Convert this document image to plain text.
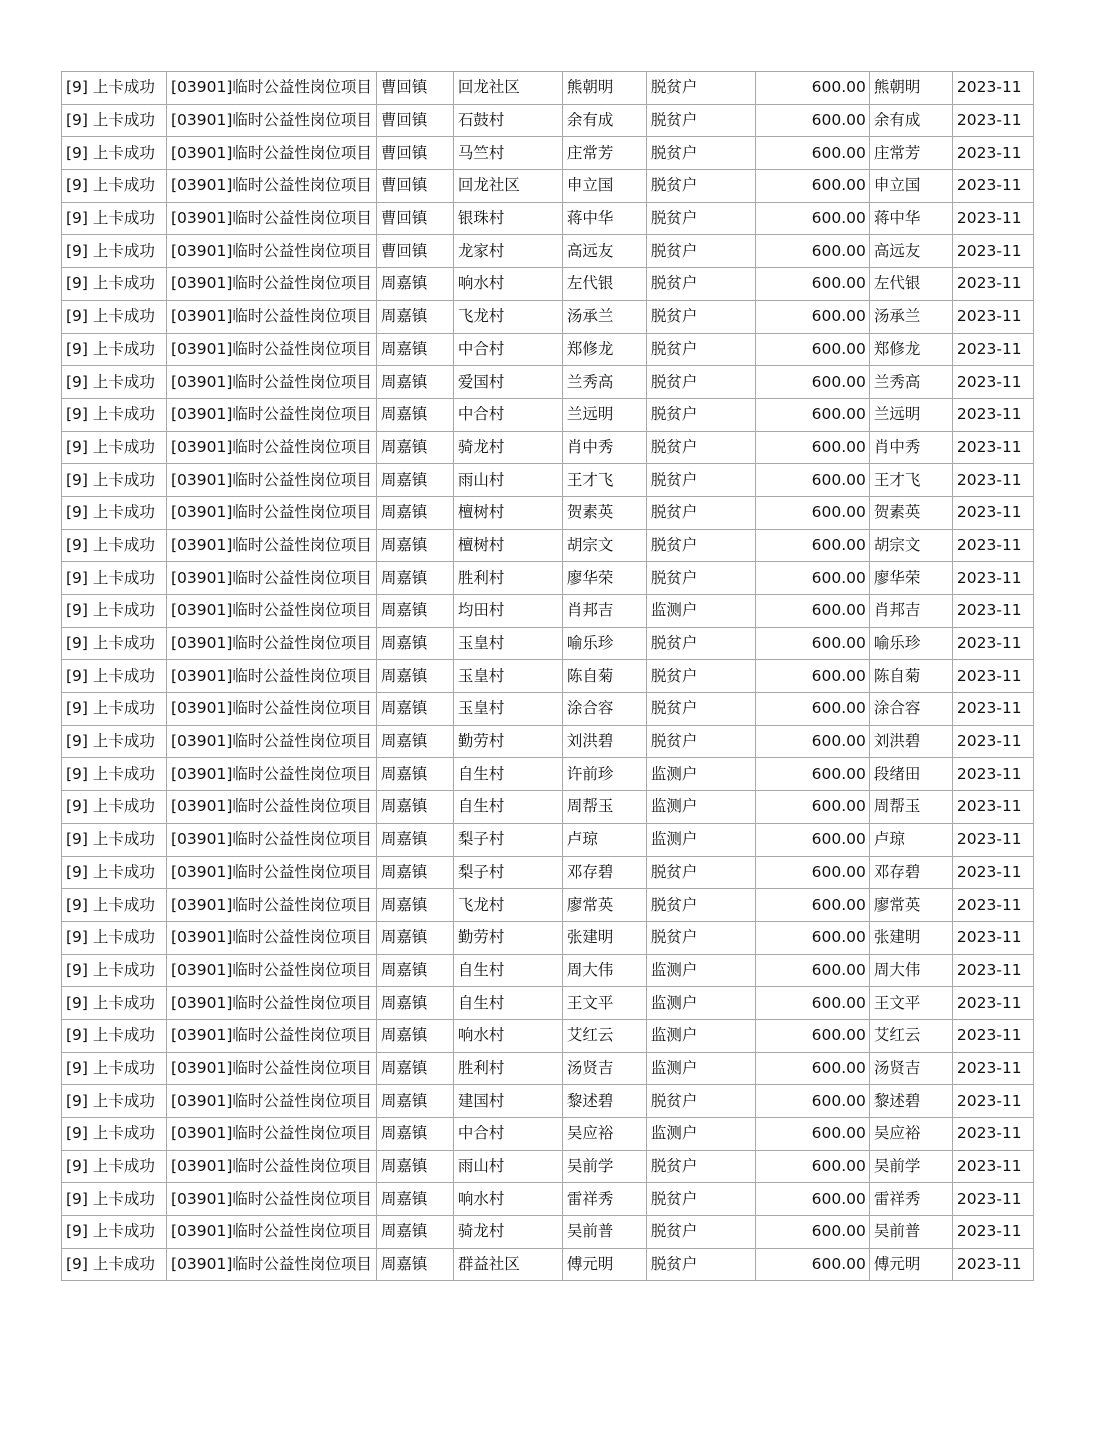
[9] 上卡成功	[03901]临时公益性岗位项目	曹回镇	回龙社区	熊朝明	脱贫户	600.00	熊朝明	2023-11
[9] 上卡成功	[03901]临时公益性岗位项目	曹回镇	石鼓村	余有成	脱贫户	600.00	余有成	2023-11
[9] 上卡成功	[03901]临时公益性岗位项目	曹回镇	马竺村	庄常芳	脱贫户	600.00	庄常芳	2023-11
[9] 上卡成功	[03901]临时公益性岗位项目	曹回镇	回龙社区	申立国	脱贫户	600.00	申立国	2023-11
[9] 上卡成功	[03901]临时公益性岗位项目	曹回镇	银珠村	蒋中华	脱贫户	600.00	蒋中华	2023-11
[9] 上卡成功	[03901]临时公益性岗位项目	曹回镇	龙家村	高远友	脱贫户	600.00	高远友	2023-11
[9] 上卡成功	[03901]临时公益性岗位项目	周嘉镇	响水村	左代银	脱贫户	600.00	左代银	2023-11
[9] 上卡成功	[03901]临时公益性岗位项目	周嘉镇	飞龙村	汤承兰	脱贫户	600.00	汤承兰	2023-11
[9] 上卡成功	[03901]临时公益性岗位项目	周嘉镇	中合村	郑修龙	脱贫户	600.00	郑修龙	2023-11
[9] 上卡成功	[03901]临时公益性岗位项目	周嘉镇	爱国村	兰秀高	脱贫户	600.00	兰秀高	2023-11
[9] 上卡成功	[03901]临时公益性岗位项目	周嘉镇	中合村	兰远明	脱贫户	600.00	兰远明	2023-11
[9] 上卡成功	[03901]临时公益性岗位项目	周嘉镇	骑龙村	肖中秀	脱贫户	600.00	肖中秀	2023-11
[9] 上卡成功	[03901]临时公益性岗位项目	周嘉镇	雨山村	王才飞	脱贫户	600.00	王才飞	2023-11
[9] 上卡成功	[03901]临时公益性岗位项目	周嘉镇	檀树村	贺素英	脱贫户	600.00	贺素英	2023-11
[9] 上卡成功	[03901]临时公益性岗位项目	周嘉镇	檀树村	胡宗文	脱贫户	600.00	胡宗文	2023-11
[9] 上卡成功	[03901]临时公益性岗位项目	周嘉镇	胜利村	廖华荣	脱贫户	600.00	廖华荣	2023-11
[9] 上卡成功	[03901]临时公益性岗位项目	周嘉镇	均田村	肖邦吉	监测户	600.00	肖邦吉	2023-11
[9] 上卡成功	[03901]临时公益性岗位项目	周嘉镇	玉皇村	喻乐珍	脱贫户	600.00	喻乐珍	2023-11
[9] 上卡成功	[03901]临时公益性岗位项目	周嘉镇	玉皇村	陈自菊	脱贫户	600.00	陈自菊	2023-11
[9] 上卡成功	[03901]临时公益性岗位项目	周嘉镇	玉皇村	涂合容	脱贫户	600.00	涂合容	2023-11
[9] 上卡成功	[03901]临时公益性岗位项目	周嘉镇	勤劳村	刘洪碧	脱贫户	600.00	刘洪碧	2023-11
[9] 上卡成功	[03901]临时公益性岗位项目	周嘉镇	自生村	许前珍	监测户	600.00	段绪田	2023-11
[9] 上卡成功	[03901]临时公益性岗位项目	周嘉镇	自生村	周帮玉	监测户	600.00	周帮玉	2023-11
[9] 上卡成功	[03901]临时公益性岗位项目	周嘉镇	梨子村	卢琼	监测户	600.00	卢琼	2023-11
[9] 上卡成功	[03901]临时公益性岗位项目	周嘉镇	梨子村	邓存碧	脱贫户	600.00	邓存碧	2023-11
[9] 上卡成功	[03901]临时公益性岗位项目	周嘉镇	飞龙村	廖常英	脱贫户	600.00	廖常英	2023-11
[9] 上卡成功	[03901]临时公益性岗位项目	周嘉镇	勤劳村	张建明	脱贫户	600.00	张建明	2023-11
[9] 上卡成功	[03901]临时公益性岗位项目	周嘉镇	自生村	周大伟	监测户	600.00	周大伟	2023-11
[9] 上卡成功	[03901]临时公益性岗位项目	周嘉镇	自生村	王文平	监测户	600.00	王文平	2023-11
[9] 上卡成功	[03901]临时公益性岗位项目	周嘉镇	响水村	艾红云	监测户	600.00	艾红云	2023-11
[9] 上卡成功	[03901]临时公益性岗位项目	周嘉镇	胜利村	汤贤吉	监测户	600.00	汤贤吉	2023-11
[9] 上卡成功	[03901]临时公益性岗位项目	周嘉镇	建国村	黎述碧	脱贫户	600.00	黎述碧	2023-11
[9] 上卡成功	[03901]临时公益性岗位项目	周嘉镇	中合村	吴应裕	监测户	600.00	吴应裕	2023-11
[9] 上卡成功	[03901]临时公益性岗位项目	周嘉镇	雨山村	吴前学	脱贫户	600.00	吴前学	2023-11
[9] 上卡成功	[03901]临时公益性岗位项目	周嘉镇	响水村	雷祥秀	脱贫户	600.00	雷祥秀	2023-11
[9] 上卡成功	[03901]临时公益性岗位项目	周嘉镇	骑龙村	吴前普	脱贫户	600.00	吴前普	2023-11
[9] 上卡成功	[03901]临时公益性岗位项目	周嘉镇	群益社区	傅元明	脱贫户	600.00	傅元明	2023-11
